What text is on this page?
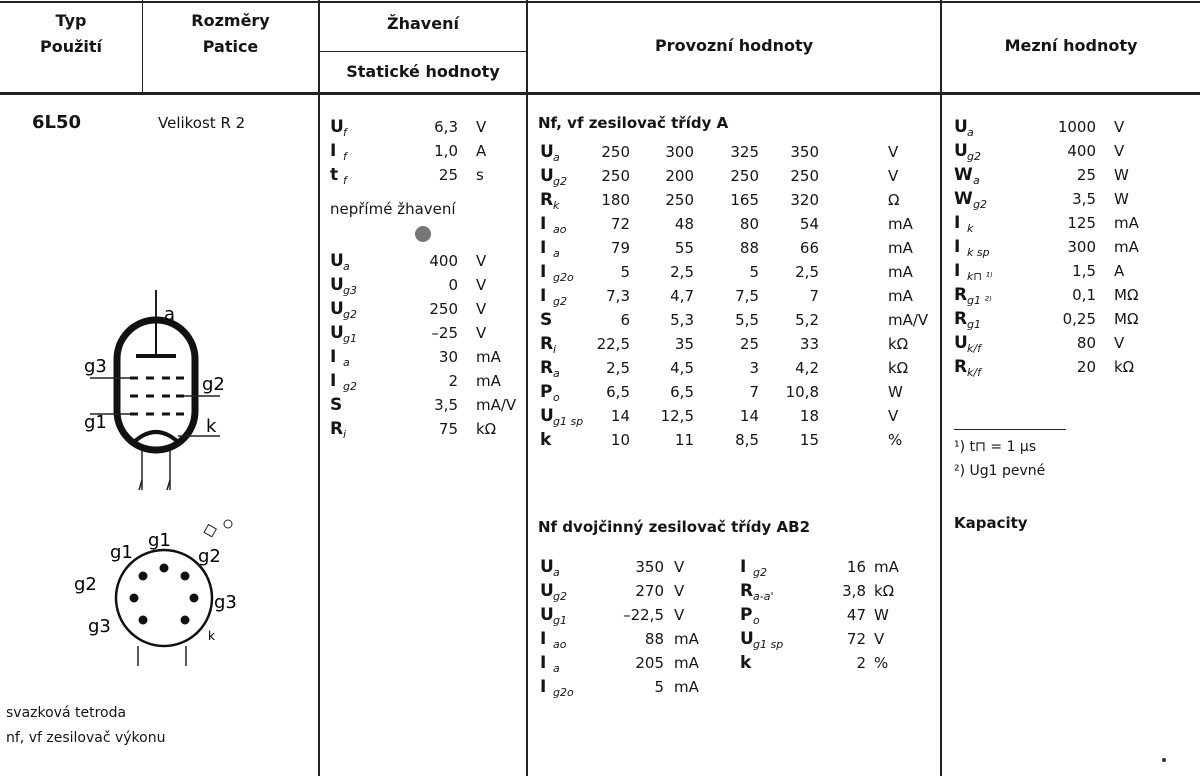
Typ
Použití
Rozměry
Patice
Žhavení
Statické hodnoty
Provozní hodnoty	Mezní hodnoty
6L50	Velikost R 2
a
g3
g2
g1	k
g1
g1
g2
g2
g3
g3	k
svazková tetroda
nf, vf zesilovač výkonu
U f	6,3 V
I f	1,0 A
t f	25 s
nepřímé žhavení
U a	400 V
U g3	0 V
U g2	250 V
U g1	–25 V
I a	30 mA
I g2	2 mA
S	3,5 mA/V
R i	75 kΩ
Nf, vf zesilovač třídy A
U a	250	300	325	350	V
U g2	250	200	250	250	V
R k	180	250	165	320	Ω
I ao	72	48	80	54	mA
I a	79	55	88	66	mA
I g2o	5	2,5	5	2,5	mA
I g2	7,3	4,7	7,5	7	mA
S	6	5,3	5,5	5,2	mA/V
R i	22,5	35	25	33	kΩ
R a	2,5	4,5	3	4,2	kΩ
P o	6,5	6,5	7	10,8	W
U g1 sp	14	12,5	14	18	V
k	10	11	8,5	15	%
Nf dvojčinný zesilovač třídy AB2
U a	350 V
U g2	270 V
U g1	–22,5 V
I ao	88 mA
I a	205 mA
I g2o	5 mA
I g2	16 mA
R a-a'	3,8 kΩ
P o	47 W
U g1 sp	72 V
k	2 %
U a	1000 V
U g2	400 V
W a	25 W
W g2	3,5 W
I k	125 mA
I k sp	300 mA
I k⊓ ¹⁾	1,5 A
R g1 ²⁾	0,1 MΩ
R g1	0,25 MΩ
U k/f	80 V
R k/f	20 kΩ
¹) t⊓ = 1 µs
²) Ug1 pevné
Kapacity
